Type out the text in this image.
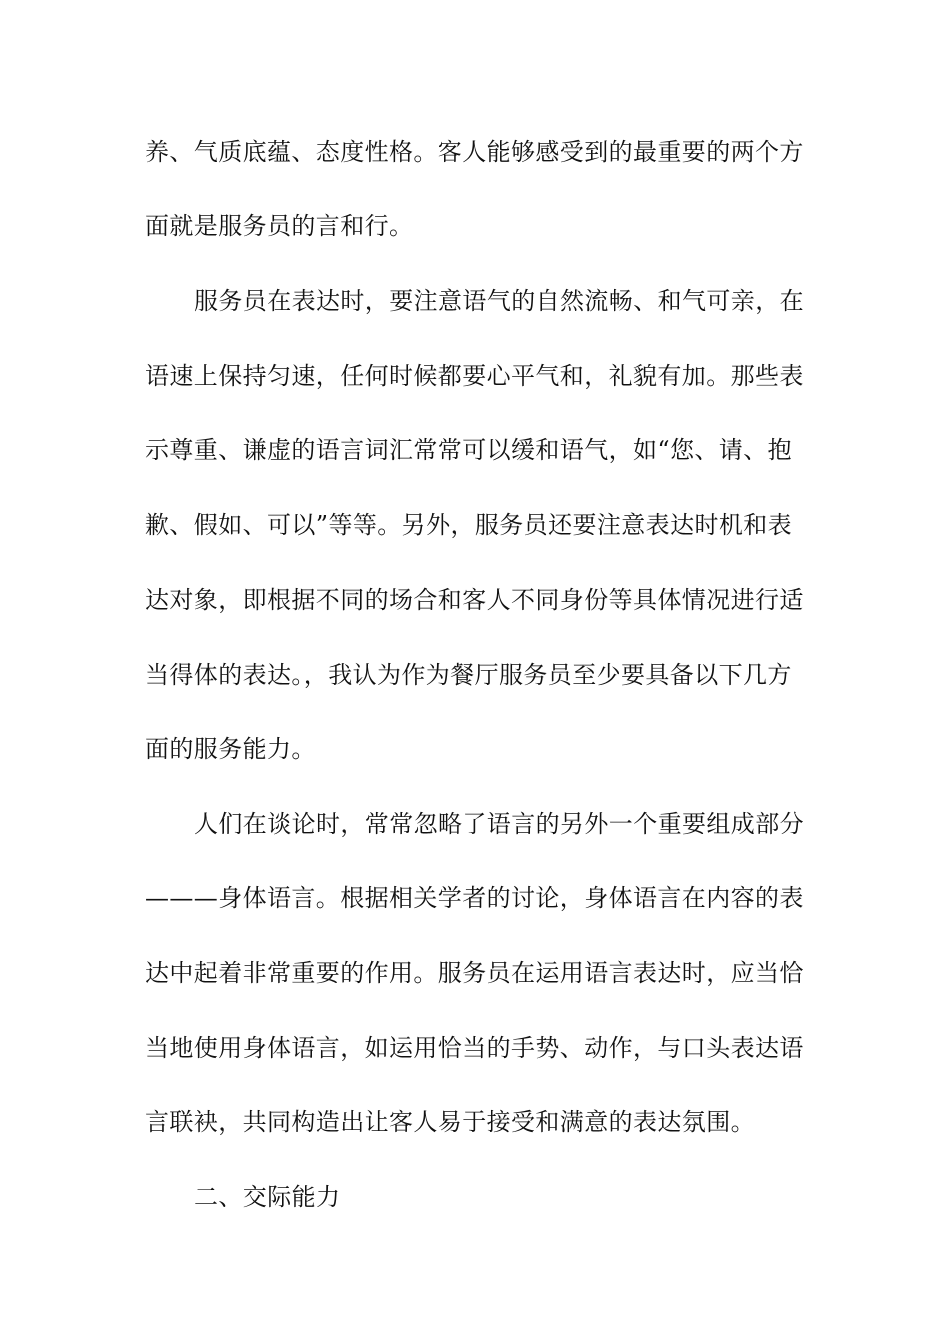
养、气质底蕴、态度性格。客人能够感受到的最重要的两个方
面就是服务员的言和行。
服务员在表达时，要注意语气的自然流畅、和气可亲，在
语速上保持匀速，任何时候都要心平气和，礼貌有加。那些表
示尊重、谦虚的语言词汇常常可以缓和语气，如“您、请、抱
歉、假如、可以”等等。另外，服务员还要注意表达时机和表
达对象，即根据不同的场合和客人不同身份等具体情况进行适
当得体的表达。，我认为作为餐厅服务员至少要具备以下几方
面的服务能力。
人们在谈论时，常常忽略了语言的另外一个重要组成部分
———身体语言。根据相关学者的讨论，身体语言在内容的表
达中起着非常重要的作用。服务员在运用语言表达时，应当恰
当地使用身体语言，如运用恰当的手势、动作，与口头表达语
言联袂，共同构造出让客人易于接受和满意的表达氛围。
二、交际能力
